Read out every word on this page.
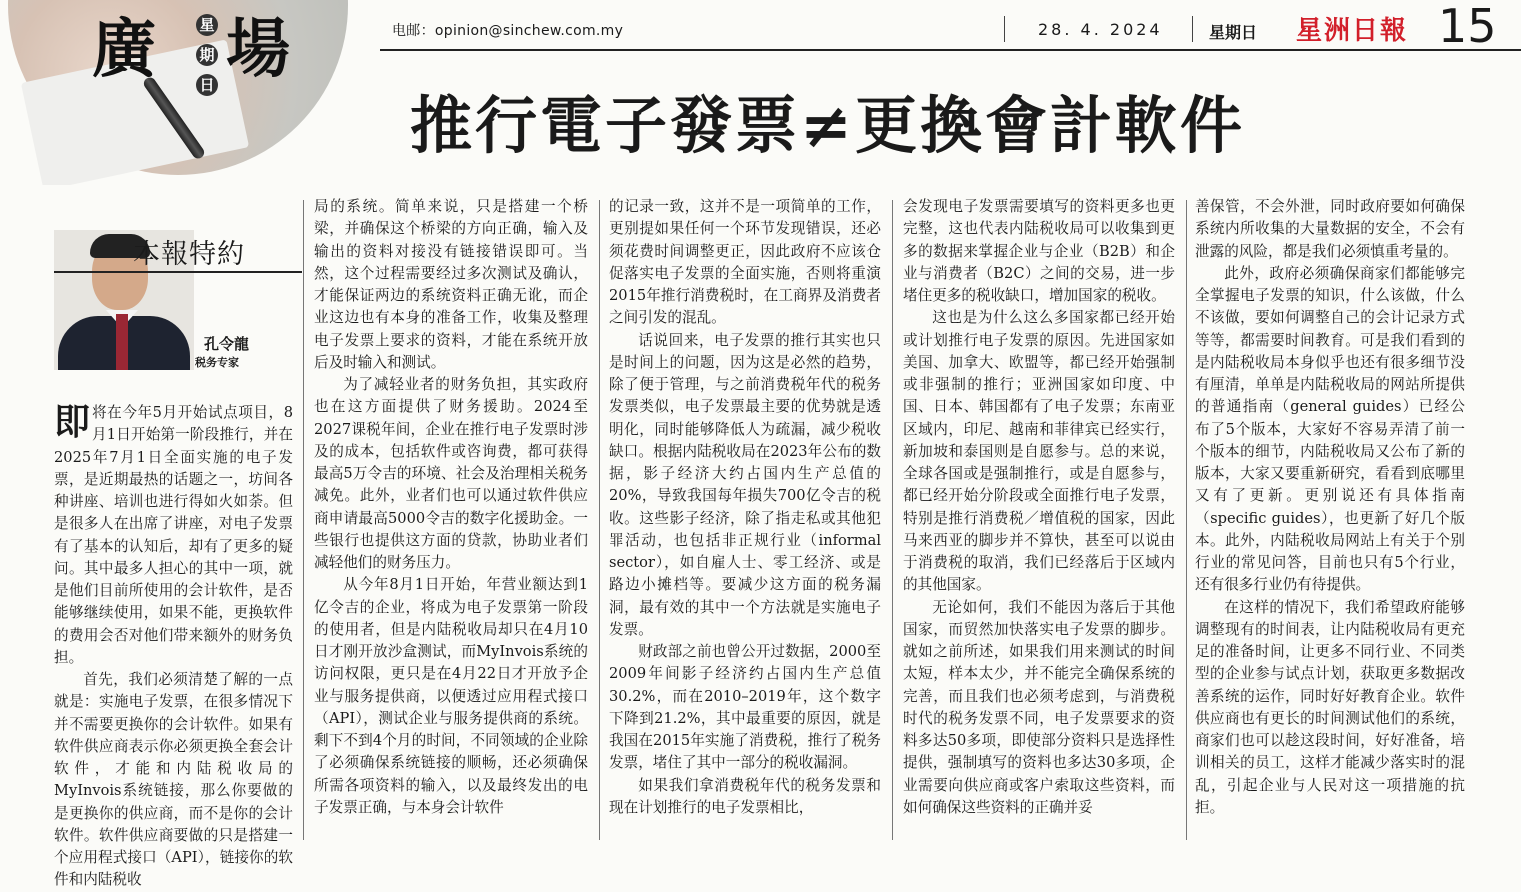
廣	星
期
日 場	电邮：opinion@sinchew.com.my	28. 4. 2024	星期日 星洲日報 15
推行電子發票≠更換會計軟件
本報特約
孔令龍
税务专家

即将在今年5月开始试点项目，8月1日开始第一阶段推行，并在2025年7月1日全面实施的电子发票，是近期最热的话题之一，坊间各种讲座、培训也进行得如火如荼。但是很多人在出席了讲座，对电子发票有了基本的认知后，却有了更多的疑问。其中最多人担心的其中一项，就是他们目前所使用的会计软件，是否能够继续使用，如果不能，更换软件的费用会否对他们带来额外的财务负担。

首先，我们必须清楚了解的一点就是：实施电子发票，在很多情况下并不需要更换你的会计软件。如果有软件供应商表示你必须更换全套会计软件，才能和内陆税收局的MyInvois系统链接，那么你要做的是更换你的供应商，而不是你的会计软件。软件供应商要做的只是搭建一个应用程式接口（API），链接你的软件和内陆税收

局的系统。简单来说，只是搭建一个桥梁，并确保这个桥梁的方向正确，输入及输出的资料对接没有链接错误即可。当然，这个过程需要经过多次测试及确认，才能保证两边的系统资料正确无讹，而企业这边也有本身的准备工作，收集及整理电子发票上要求的资料，才能在系统开放后及时输入和测试。

为了减轻业者的财务负担，其实政府也在这方面提供了财务援助。2024至2027课税年间，企业在推行电子发票时涉及的成本，包括软件或咨询费，都可获得最高5万令吉的环境、社会及治理相关税务减免。此外，业者们也可以通过软件供应商申请最高5000令吉的数字化援助金。一些银行也提供这方面的贷款，协助业者们减轻他们的财务压力。

从今年8月1日开始，年营业额达到1亿令吉的企业，将成为电子发票第一阶段的使用者，但是内陆税收局却只在4月10日才刚开放沙盒测试，而MyInvois系统的访问权限，更只是在4月22日才开放予企业与服务提供商，以便透过应用程式接口（API），测试企业与服务提供商的系统。剩下不到4个月的时间，不同领域的企业除了必须确保系统链接的顺畅，还必须确保所需各项资料的输入，以及最终发出的电子发票正确，与本身会计软件

的记录一致，这并不是一项简单的工作，更别提如果任何一个环节发现错误，还必须花费时间调整更正，因此政府不应该仓促落实电子发票的全面实施，否则将重演2015年推行消费税时，在工商界及消费者之间引发的混乱。

话说回来，电子发票的推行其实也只是时间上的问题，因为这是必然的趋势，除了便于管理，与之前消费税年代的税务发票类似，电子发票最主要的优势就是透明化，同时能够降低人为疏漏，减少税收缺口。根据内陆税收局在2023年公布的数据，影子经济大约占国内生产总值的20%，导致我国每年损失700亿令吉的税收。这些影子经济，除了指走私或其他犯罪活动，也包括非正规行业（informal sector），如自雇人士、零工经济、或是路边小摊档等。要减少这方面的税务漏洞，最有效的其中一个方法就是实施电子发票。

财政部之前也曾公开过数据，2000至2009年间影子经济约占国内生产总值30.2%，而在2010–2019年，这个数字下降到21.2%，其中最重要的原因，就是我国在2015年实施了消费税，推行了税务发票，堵住了其中一部分的税收漏洞。

如果我们拿消费税年代的税务发票和现在计划推行的电子发票相比，

会发现电子发票需要填写的资料更多也更完整，这也代表内陆税收局可以收集到更多的数据来掌握企业与企业（B2B）和企业与消费者（B2C）之间的交易，进一步堵住更多的税收缺口，增加国家的税收。

这也是为什么这么多国家都已经开始或计划推行电子发票的原因。先进国家如美国、加拿大、欧盟等，都已经开始强制或非强制的推行；亚洲国家如印度、中国、日本、韩国都有了电子发票；东南亚区域内，印尼、越南和菲律宾已经实行，新加坡和泰国则是自愿参与。总的来说，全球各国或是强制推行，或是自愿参与，都已经开始分阶段或全面推行电子发票，特别是推行消费税／增值税的国家，因此马来西亚的脚步并不算快，甚至可以说由于消费税的取消，我们已经落后于区域内的其他国家。

无论如何，我们不能因为落后于其他国家，而贸然加快落实电子发票的脚步。就如之前所述，如果我们用来测试的时间太短，样本太少，并不能完全确保系统的完善，而且我们也必须考虑到，与消费税时代的税务发票不同，电子发票要求的资料多达50多项，即使部分资料只是选择性提供，强制填写的资料也多达30多项，企业需要向供应商或客户索取这些资料，而如何确保这些资料的正确并妥

善保管，不会外泄，同时政府要如何确保系统内所收集的大量数据的安全，不会有泄露的风险，都是我们必须慎重考量的。

此外，政府必须确保商家们都能够完全掌握电子发票的知识，什么该做，什么不该做，要如何调整自己的会计记录方式等等，都需要时间教育。可是我们看到的是内陆税收局本身似乎也还有很多细节没有厘清，单单是内陆税收局的网站所提供的普通指南（general guides）已经公布了5个版本，大家好不容易弄清了前一个版本的细节，内陆税收局又公布了新的版本，大家又要重新研究，看看到底哪里又有了更新。更别说还有具体指南（specific guides），也更新了好几个版本。此外，内陆税收局网站上有关于个别行业的常见问答，目前也只有5个行业，还有很多行业仍有待提供。

在这样的情况下，我们希望政府能够调整现有的时间表，让内陆税收局有更充足的准备时间，让更多不同行业、不同类型的企业参与试点计划，获取更多数据改善系统的运作，同时好好教育企业。软件供应商也有更长的时间测试他们的系统，商家们也可以趁这段时间，好好准备，培训相关的员工，这样才能减少落实时的混乱，引起企业与人民对这一项措施的抗拒。
